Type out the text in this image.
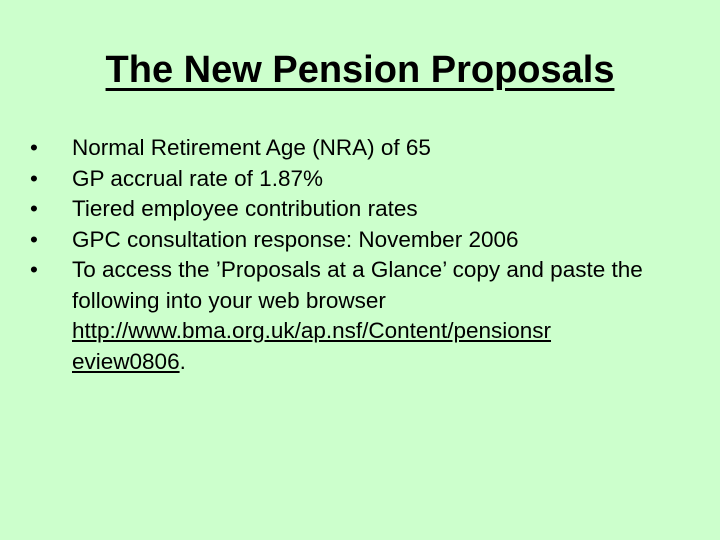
The New Pension Proposals
•	Normal Retirement Age (NRA) of 65
•	GP accrual rate of 1.87%
•	Tiered employee contribution rates
•	GPC consultation response: November 2006
•	To access the ’Proposals at a Glance’ copy and paste the following into your web browser
http://www.bma.org.uk/ap.nsf/Content/pensionsr
eview0806.
